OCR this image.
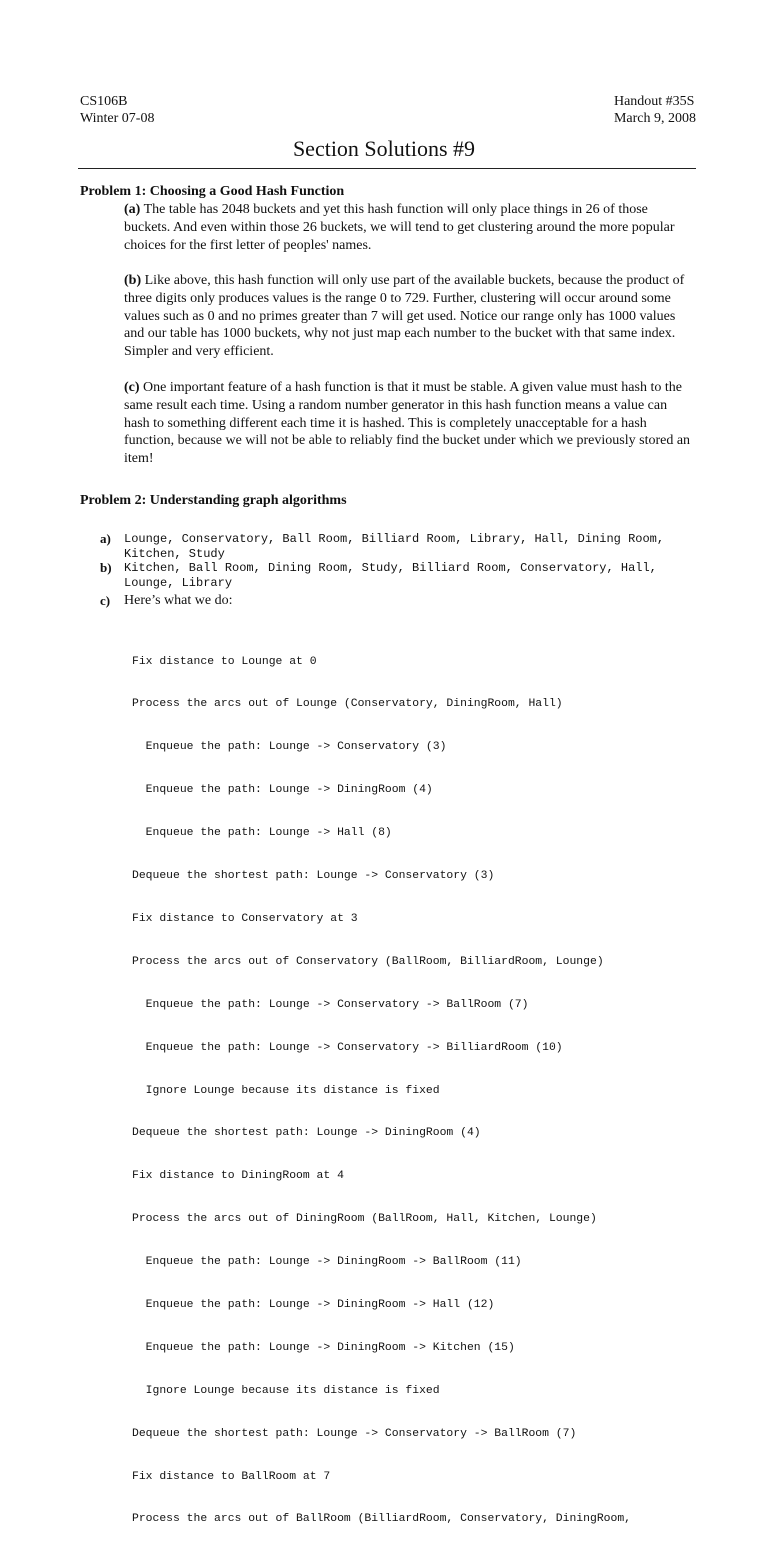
CS106B
Winter 07-08
Handout #35S
March 9, 2008
Section Solutions #9
Problem 1: Choosing a Good Hash Function
(a) The table has 2048 buckets and yet this hash function will only place things in 26 of those buckets. And even within those 26 buckets, we will tend to get clustering around the more popular choices for the first letter of peoples' names.
(b) Like above, this hash function will only use part of the available buckets, because the product of three digits only produces values is the range 0 to 729. Further, clustering will occur around some values such as 0 and no primes greater than 7 will get used. Notice our range only has 1000 values and our table has 1000 buckets, why not just map each number to the bucket with that same index. Simpler and very efficient.
(c) One important feature of a hash function is that it must be stable. A given value must hash to the same result each time. Using a random number generator in this hash function means a value can hash to something different each time it is hashed. This is completely unacceptable for a hash function, because we will not be able to reliably find the bucket under which we previously stored an item!
Problem 2: Understanding graph algorithms
a)	Lounge, Conservatory, Ball Room, Billiard Room, Library, Hall, Dining Room,
Kitchen, Study
b)	Kitchen, Ball Room, Dining Room, Study, Billiard Room, Conservatory, Hall,
Lounge, Library
c) Here’s what we do:

Fix distance to Lounge at 0

Process the arcs out of Lounge (Conservatory, DiningRoom, Hall)

Enqueue the path: Lounge -> Conservatory (3)

Enqueue the path: Lounge -> DiningRoom (4)

Enqueue the path: Lounge -> Hall (8)

Dequeue the shortest path: Lounge -> Conservatory (3)

Fix distance to Conservatory at 3

Process the arcs out of Conservatory (BallRoom, BilliardRoom, Lounge)

Enqueue the path: Lounge -> Conservatory -> BallRoom (7)

Enqueue the path: Lounge -> Conservatory -> BilliardRoom (10)

Ignore Lounge because its distance is fixed

Dequeue the shortest path: Lounge -> DiningRoom (4)

Fix distance to DiningRoom at 4

Process the arcs out of DiningRoom (BallRoom, Hall, Kitchen, Lounge)

Enqueue the path: Lounge -> DiningRoom -> BallRoom (11)

Enqueue the path: Lounge -> DiningRoom -> Hall (12)

Enqueue the path: Lounge -> DiningRoom -> Kitchen (15)

Ignore Lounge because its distance is fixed

Dequeue the shortest path: Lounge -> Conservatory -> BallRoom (7)

Fix distance to BallRoom at 7

Process the arcs out of BallRoom (BilliardRoom, Conservatory, DiningRoom,
